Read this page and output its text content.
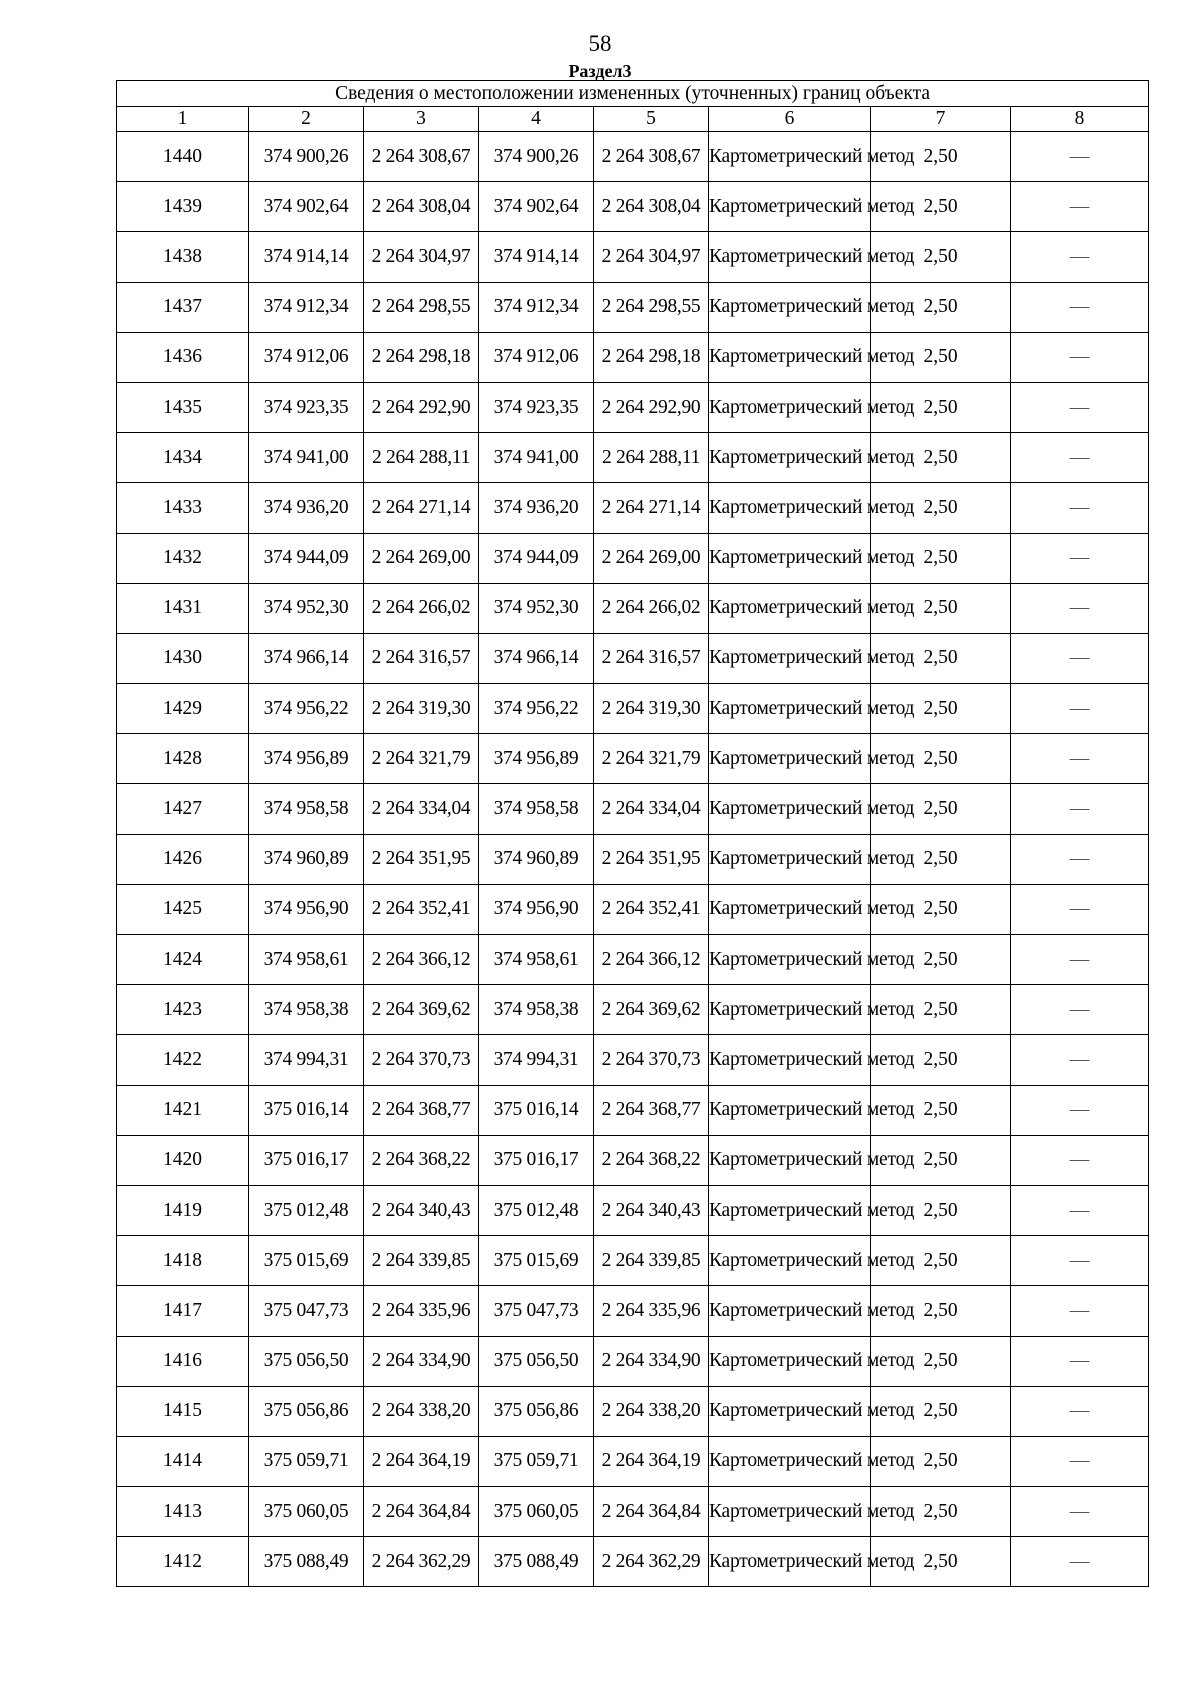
58
Раздел3
Сведения о местоположении измененных (уточненных) границ объекта							
1	2	3	4	5	6	7	8
1440	374 900,26	2 264 308,67	374 900,26	2 264 308,67	Картометрический метод	2,50	—
1439	374 902,64	2 264 308,04	374 902,64	2 264 308,04	Картометрический метод	2,50	—
1438	374 914,14	2 264 304,97	374 914,14	2 264 304,97	Картометрический метод	2,50	—
1437	374 912,34	2 264 298,55	374 912,34	2 264 298,55	Картометрический метод	2,50	—
1436	374 912,06	2 264 298,18	374 912,06	2 264 298,18	Картометрический метод	2,50	—
1435	374 923,35	2 264 292,90	374 923,35	2 264 292,90	Картометрический метод	2,50	—
1434	374 941,00	2 264 288,11	374 941,00	2 264 288,11	Картометрический метод	2,50	—
1433	374 936,20	2 264 271,14	374 936,20	2 264 271,14	Картометрический метод	2,50	—
1432	374 944,09	2 264 269,00	374 944,09	2 264 269,00	Картометрический метод	2,50	—
1431	374 952,30	2 264 266,02	374 952,30	2 264 266,02	Картометрический метод	2,50	—
1430	374 966,14	2 264 316,57	374 966,14	2 264 316,57	Картометрический метод	2,50	—
1429	374 956,22	2 264 319,30	374 956,22	2 264 319,30	Картометрический метод	2,50	—
1428	374 956,89	2 264 321,79	374 956,89	2 264 321,79	Картометрический метод	2,50	—
1427	374 958,58	2 264 334,04	374 958,58	2 264 334,04	Картометрический метод	2,50	—
1426	374 960,89	2 264 351,95	374 960,89	2 264 351,95	Картометрический метод	2,50	—
1425	374 956,90	2 264 352,41	374 956,90	2 264 352,41	Картометрический метод	2,50	—
1424	374 958,61	2 264 366,12	374 958,61	2 264 366,12	Картометрический метод	2,50	—
1423	374 958,38	2 264 369,62	374 958,38	2 264 369,62	Картометрический метод	2,50	—
1422	374 994,31	2 264 370,73	374 994,31	2 264 370,73	Картометрический метод	2,50	—
1421	375 016,14	2 264 368,77	375 016,14	2 264 368,77	Картометрический метод	2,50	—
1420	375 016,17	2 264 368,22	375 016,17	2 264 368,22	Картометрический метод	2,50	—
1419	375 012,48	2 264 340,43	375 012,48	2 264 340,43	Картометрический метод	2,50	—
1418	375 015,69	2 264 339,85	375 015,69	2 264 339,85	Картометрический метод	2,50	—
1417	375 047,73	2 264 335,96	375 047,73	2 264 335,96	Картометрический метод	2,50	—
1416	375 056,50	2 264 334,90	375 056,50	2 264 334,90	Картометрический метод	2,50	—
1415	375 056,86	2 264 338,20	375 056,86	2 264 338,20	Картометрический метод	2,50	—
1414	375 059,71	2 264 364,19	375 059,71	2 264 364,19	Картометрический метод	2,50	—
1413	375 060,05	2 264 364,84	375 060,05	2 264 364,84	Картометрический метод	2,50	—
1412	375 088,49	2 264 362,29	375 088,49	2 264 362,29	Картометрический метод	2,50	—
